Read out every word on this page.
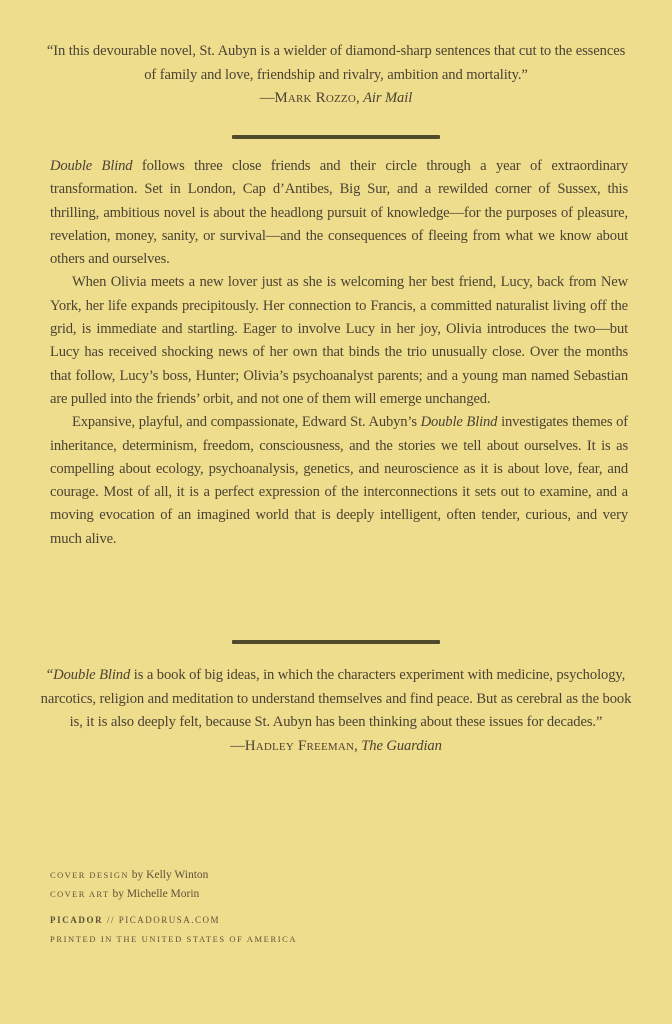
“In this devourable novel, St. Aubyn is a wielder of diamond-sharp sentences that cut to the essences of family and love, friendship and rivalry, ambition and mortality.”
—Mark Rozzo, Air Mail

Double Blind follows three close friends and their circle through a year of extraordinary transformation. Set in London, Cap d’Antibes, Big Sur, and a rewilded corner of Sussex, this thrilling, ambitious novel is about the headlong pursuit of knowledge—for the purposes of pleasure, revelation, money, sanity, or survival—and the consequences of fleeing from what we know about others and ourselves.

When Olivia meets a new lover just as she is welcoming her best friend, Lucy, back from New York, her life expands precipitously. Her connection to Francis, a committed naturalist living off the grid, is immediate and startling. Eager to involve Lucy in her joy, Olivia introduces the two—but Lucy has received shocking news of her own that binds the trio unusually close. Over the months that follow, Lucy’s boss, Hunter; Olivia’s psychoanalyst parents; and a young man named Sebastian are pulled into the friends’ orbit, and not one of them will emerge unchanged.

Expansive, playful, and compassionate, Edward St. Aubyn’s Double Blind investigates themes of inheritance, determinism, freedom, consciousness, and the stories we tell about ourselves. It is as compelling about ecology, psychoanalysis, genetics, and neuroscience as it is about love, fear, and courage. Most of all, it is a perfect expression of the interconnections it sets out to examine, and a moving evocation of an imagined world that is deeply intelligent, often tender, curious, and very much alive.

“Double Blind is a book of big ideas, in which the characters experiment with medicine, psychology, narcotics, religion and meditation to understand themselves and find peace. But as cerebral as the book is, it is also deeply felt, because St. Aubyn has been thinking about these issues for decades.”
—Hadley Freeman, The Guardian
COVER DESIGN by Kelly Winton
COVER ART by Michelle Morin
PICADOR // PICADORUSA.COM
PRINTED IN THE UNITED STATES OF AMERICA
